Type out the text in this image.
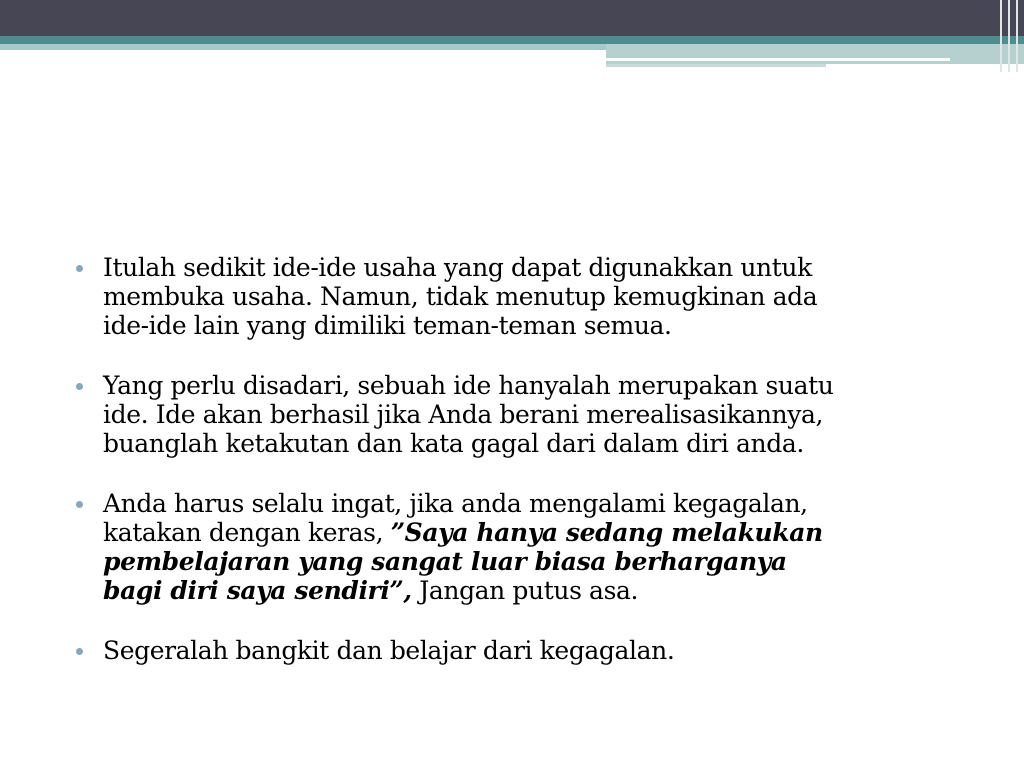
Itulah sedikit ide-ide usaha yang dapat digunakkan untuk
membuka usaha. Namun, tidak menutup kemugkinan ada
ide-ide lain yang dimiliki teman-teman semua.
Yang perlu disadari, sebuah ide hanyalah merupakan suatu
ide. Ide akan berhasil jika Anda berani merealisasikannya,
buanglah ketakutan dan kata gagal dari dalam diri anda.
Anda harus selalu ingat, jika anda mengalami kegagalan,
katakan dengan keras, ”Saya hanya sedang melakukan
pembelajaran yang sangat luar biasa berharganya
bagi diri saya sendiri”, Jangan putus asa.
Segeralah bangkit dan belajar dari kegagalan.
